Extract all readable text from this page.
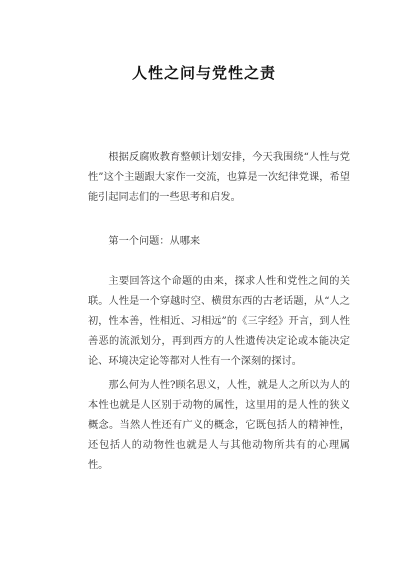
人性之问与党性之责

根据反腐败教育整顿计划安排，今天我围绕“人性与党性”这个主题跟大家作一交流，也算是一次纪律党课，希望能引起同志们的一些思考和启发。

第一个问题：从哪来

主要回答这个命题的由来，探求人性和党性之间的关联。人性是一个穿越时空、横贯东西的古老话题，从“人之初，性本善，性相近、习相远”的《三字经》开言，到人性善恶的流派划分，再到西方的人性遗传决定论或本能决定论、环境决定论等都对人性有一个深刻的探讨。

那么何为人性?顾名思义，人性，就是人之所以为人的本性也就是人区别于动物的属性，这里用的是人性的狭义概念。当然人性还有广义的概念，它既包括人的精神性，还包括人的动物性也就是人与其他动物所共有的心理属性。
